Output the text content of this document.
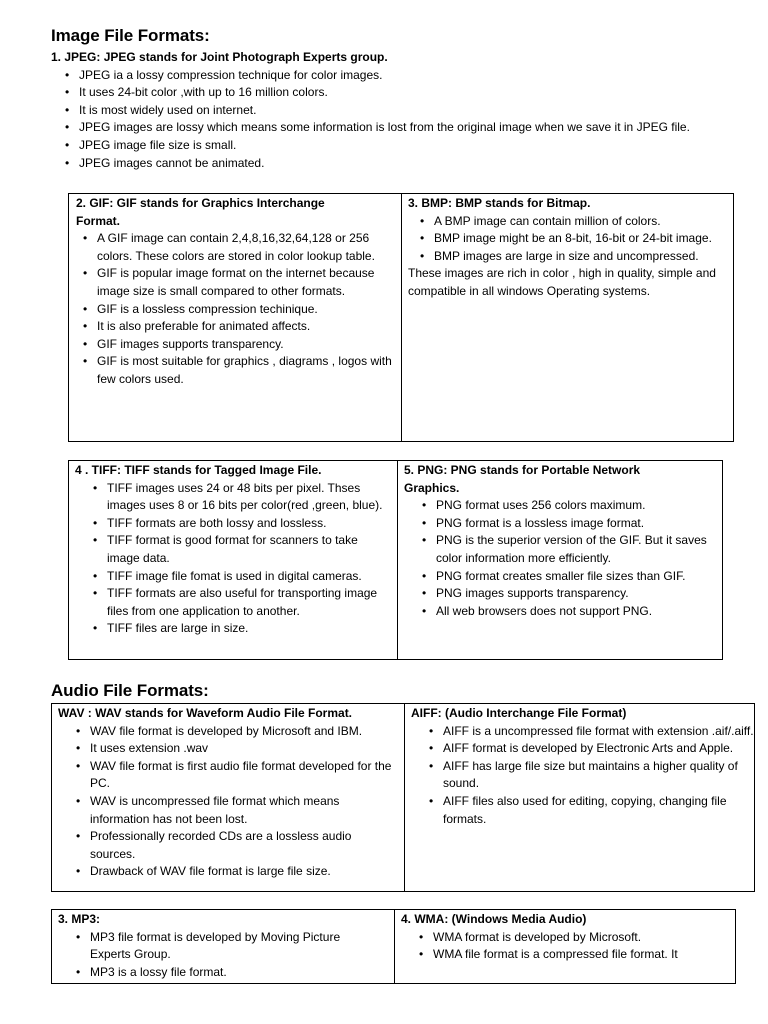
Image File Formats:
1. JPEG: JPEG stands for Joint Photograph Experts group.
• JPEG ia a lossy compression technique for color images.
• It uses 24-bit color ,with up to 16 million colors.
• It is most widely used on internet.
• JPEG images are lossy which means some information is lost from the original image when we save it in JPEG file.
• JPEG image file size is small.
• JPEG images cannot be animated.
2. GIF: GIF stands for Graphics Interchange Format.
• A GIF image can contain 2,4,8,16,32,64,128 or 256 colors. These colors are stored in color lookup table.
• GIF is popular image format on the internet because image size is small compared to other formats.
• GIF is a lossless compression techinique.
• It is also preferable for animated affects.
• GIF images supports transparency.
• GIF is most suitable for graphics , diagrams , logos with few colors used.
3. BMP: BMP stands for Bitmap.
• A BMP image can contain million of colors.
• BMP image might be an 8-bit, 16-bit or 24-bit image.
• BMP images are large in size and uncompressed.
These images are rich in color , high in quality, simple and compatible in all windows Operating systems.
4 . TIFF: TIFF stands for Tagged Image File.
• TIFF images uses 24 or 48 bits per pixel. Thses images uses 8 or 16 bits per color(red ,green, blue).
• TIFF formats are both lossy and lossless.
• TIFF format is good format for scanners to take image data.
• TIFF image file fomat is used in digital cameras.
• TIFF formats are also useful for transporting image files from one application to another.
• TIFF files are large in size.
5. PNG: PNG stands for Portable Network Graphics.
• PNG format uses 256 colors maximum.
• PNG format is a lossless image format.
• PNG is the superior version of the GIF. But it saves color information more efficiently.
• PNG format creates smaller file sizes than GIF.
• PNG images supports transparency.
• All web browsers does not support PNG.
Audio File Formats:
WAV : WAV stands for Waveform Audio File Format.
• WAV file format is developed by Microsoft and IBM.
• It uses extension .wav
• WAV file format is first audio file format developed for the PC.
• WAV is uncompressed file format which means information has not been lost.
• Professionally recorded CDs are a lossless audio sources.
• Drawback of WAV file format is large file size.
AIFF: (Audio Interchange File Format)
• AIFF is a uncompressed file format with extension .aif/.aiff.
• AIFF format is developed by Electronic Arts and Apple.
• AIFF has large file size but maintains a higher quality of sound.
• AIFF files also used for editing, copying, changing file formats.
3. MP3:
• MP3 file format is developed by Moving Picture Experts Group.
• MP3 is a lossy file format.
4. WMA: (Windows Media Audio)
• WMA format is developed by Microsoft.
• WMA file format is a compressed file format. It
